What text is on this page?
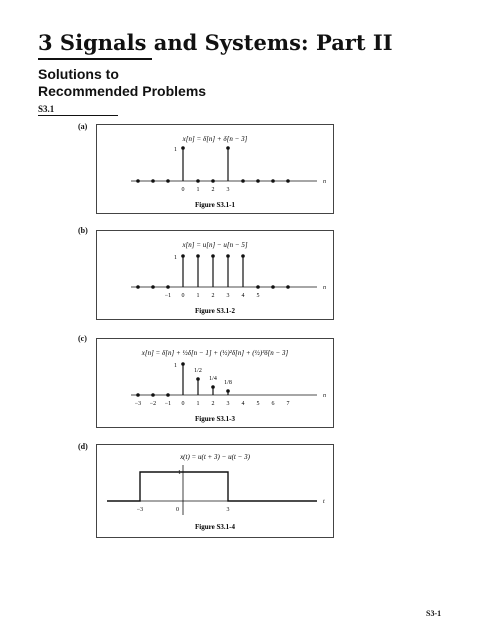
3 Signals and Systems: Part II
Solutions to
Recommended Problems
S3.1
(a)
x[n] = δ[n] + δ[n − 3]
n
1
0 1 2 3
Figure S3.1-1
(b)
x[n] = u[n] − u[n − 5]
n
1
−1 0 1 2 3 4 5
Figure S3.1-2
(c)
x[n] = δ[n] + ½δ[n − 1] + (½)²δ[n] + (½)³δ[n − 3]
n
1
1/2
1/4
1/8
−3 −2 −1 0 1 2 3 4 5 6 7
Figure S3.1-3
(d)
x(t) = u(t + 3) − u(t − 3)
t
1
−3	0	3
Figure S3.1-4
S3-1
